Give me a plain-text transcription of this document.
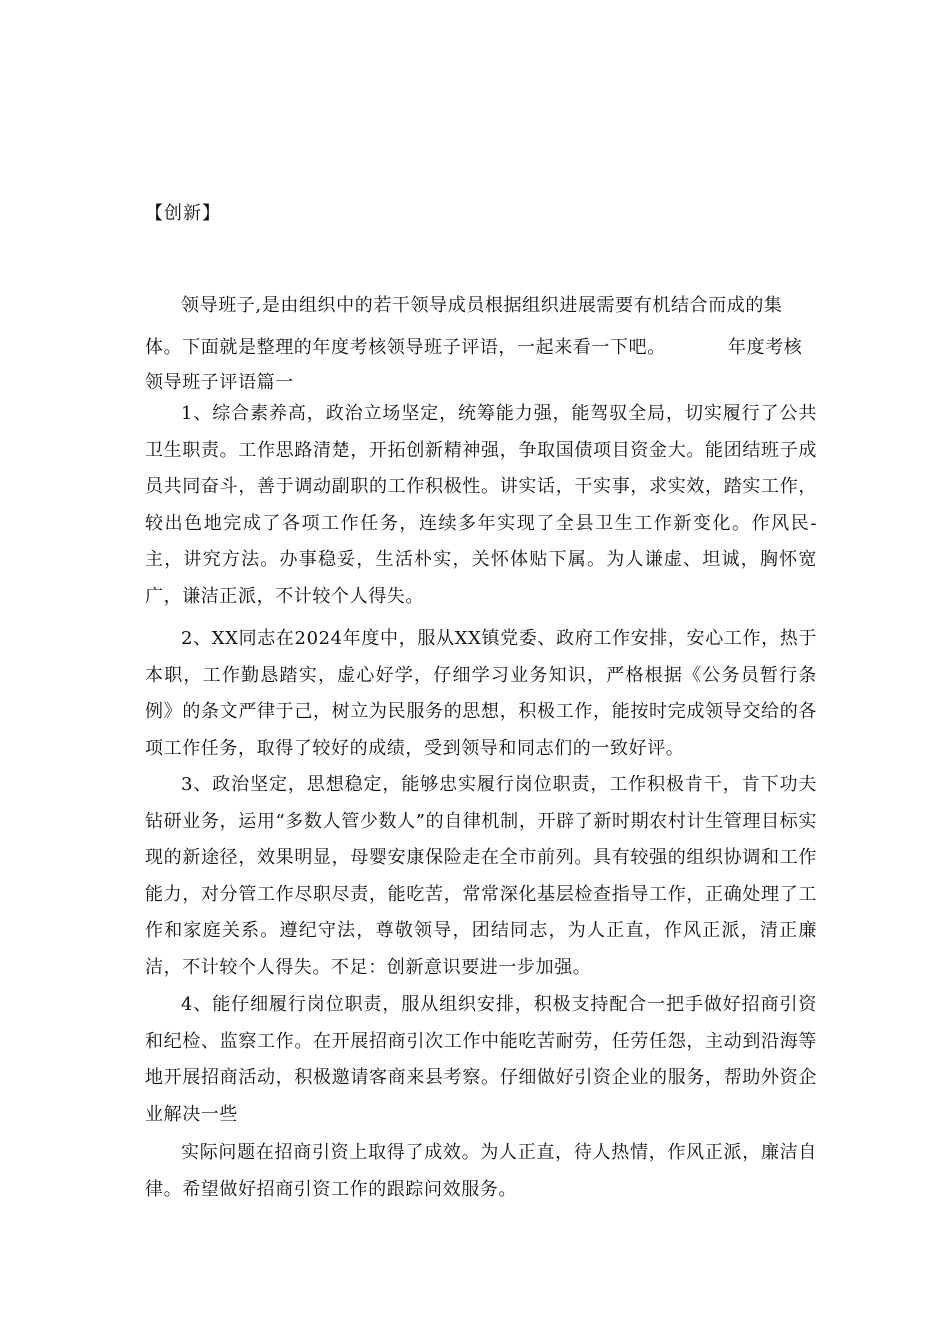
【创新】
领导班子,是由组织中的若干领导成员根据组织进展需要有机结合而成的集
体。下面就是整理的年度考核领导班子评语，一起来看一下吧。	年度考核
领导班子评语篇一
1、综合素养高，政治立场坚定，统筹能力强，能驾驭全局，切实履行了公共卫生职责。工作思路清楚，开拓创新精神强，争取国债项目资金大。能团结班子成员共同奋斗，善于调动副职的工作积极性。讲实话，干实事，求实效，踏实工作，较出色地完成了各项工作任务，连续多年实现了全县卫生工作新变化。作风民-主，讲究方法。办事稳妥，生活朴实，关怀体贴下属。为人谦虚、坦诚，胸怀宽广，谦洁正派，不计较个人得失。
2、XX同志在2024年度中，服从XX镇党委、政府工作安排，安心工作，热于本职，工作勤恳踏实，虚心好学，仔细学习业务知识，严格根据《公务员暂行条例》的条文严律于己，树立为民服务的思想，积极工作，能按时完成领导交给的各项工作任务，取得了较好的成绩，受到领导和同志们的一致好评。
3、政治坚定，思想稳定，能够忠实履行岗位职责，工作积极肯干，肯下功夫钻研业务，运用“多数人管少数人”的自律机制，开辟了新时期农村计生管理目标实现的新途径，效果明显，母婴安康保险走在全市前列。具有较强的组织协调和工作能力，对分管工作尽职尽责，能吃苦，常常深化基层检查指导工作，正确处理了工作和家庭关系。遵纪守法，尊敬领导，团结同志，为人正直，作风正派，清正廉洁，不计较个人得失。不足：创新意识要进一步加强。
4、能仔细履行岗位职责，服从组织安排，积极支持配合一把手做好招商引资和纪检、监察工作。在开展招商引次工作中能吃苦耐劳，任劳任怨，主动到沿海等地开展招商活动，积极邀请客商来县考察。仔细做好引资企业的服务，帮助外资企业解决一些
实际问题在招商引资上取得了成效。为人正直，待人热情，作风正派，廉洁自律。希望做好招商引资工作的跟踪问效服务。
